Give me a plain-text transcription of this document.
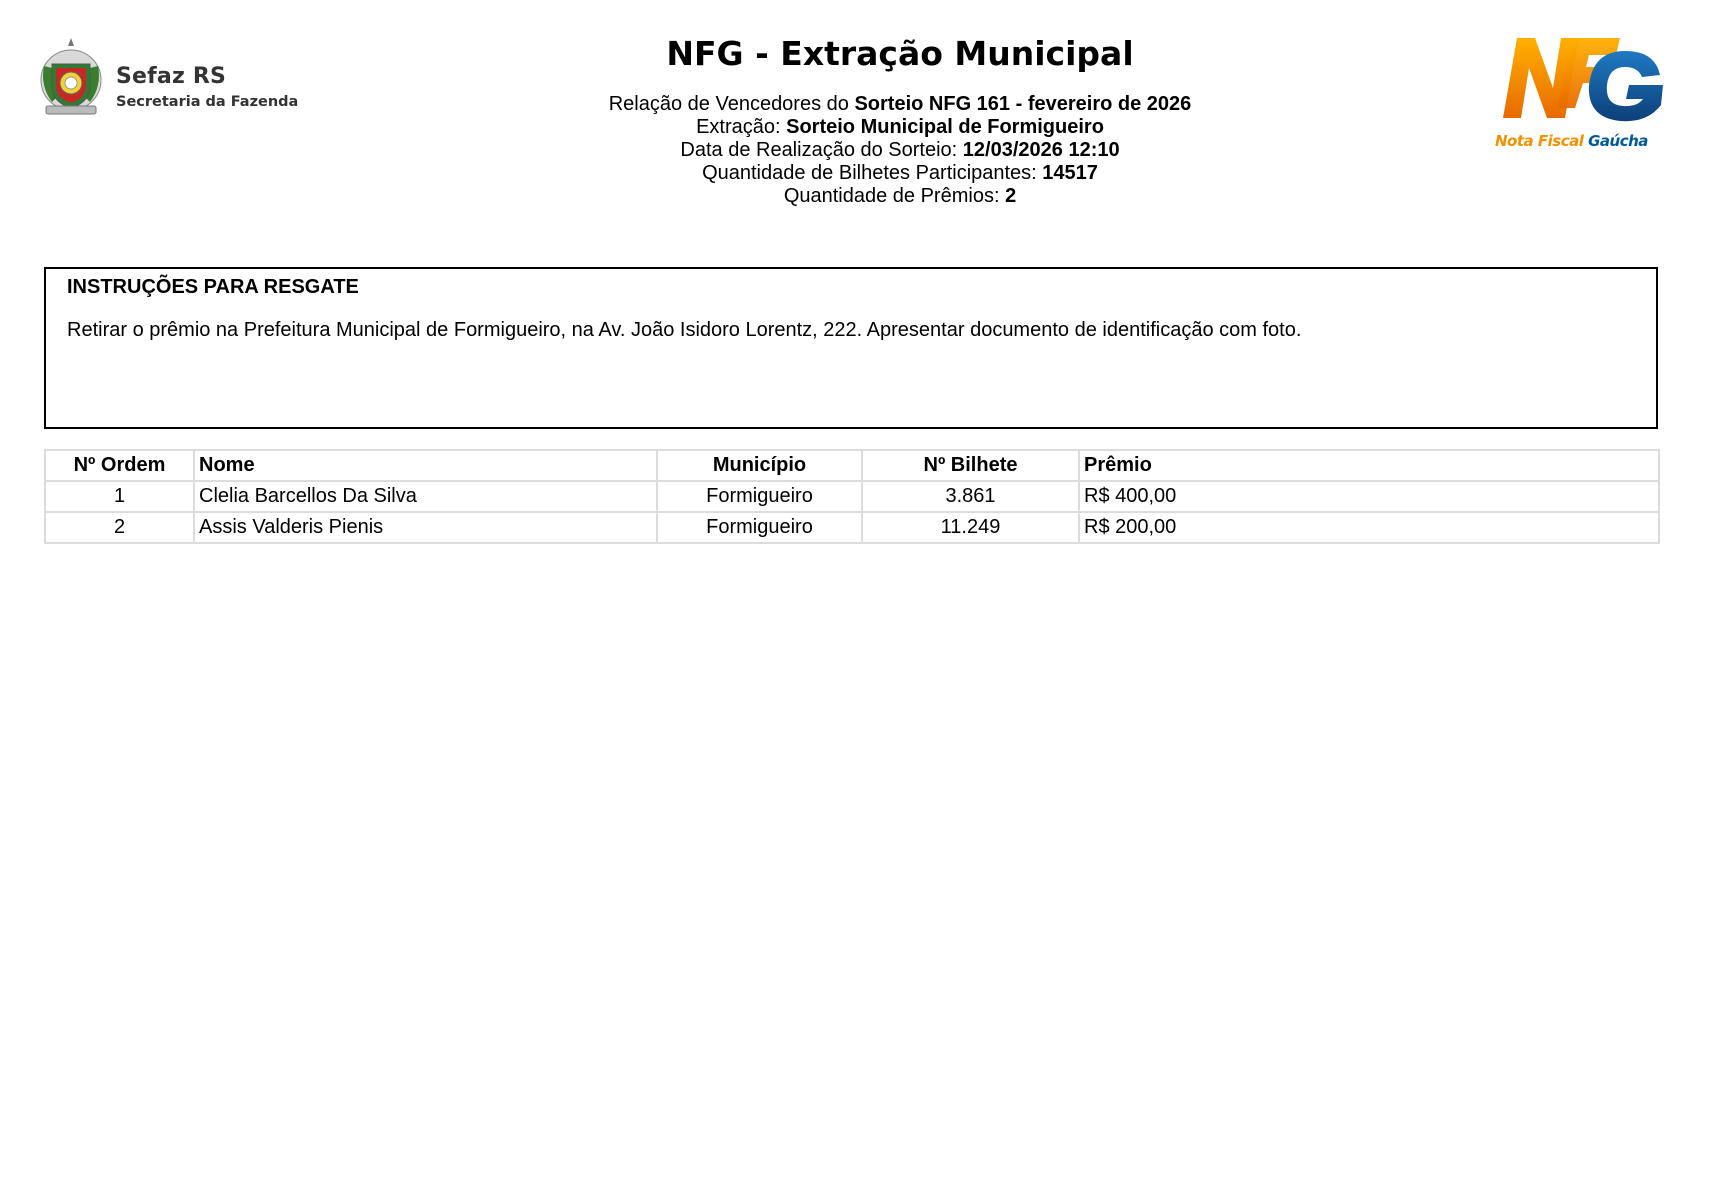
Sefaz RS
Secretaria da Fazenda
NFG - Extração Municipal
Relação de Vencedores do Sorteio NFG 161 - fevereiro de 2026
Extração: Sorteio Municipal de Formigueiro
Data de Realização do Sorteio: 12/03/2026 12:10
Quantidade de Bilhetes Participantes: 14517
Quantidade de Prêmios: 2
Nota Fiscal Gaúcha
INSTRUÇÕES PARA RESGATE
Retirar o prêmio na Prefeitura Municipal de Formigueiro, na Av. João Isidoro Lorentz, 222. Apresentar documento de identificação com foto.
Nº Ordem	Nome	Município	Nº Bilhete	Prêmio
1	Clelia Barcellos Da Silva	Formigueiro	3.861	R$ 400,00
2	Assis Valderis Pienis	Formigueiro	11.249	R$ 200,00
